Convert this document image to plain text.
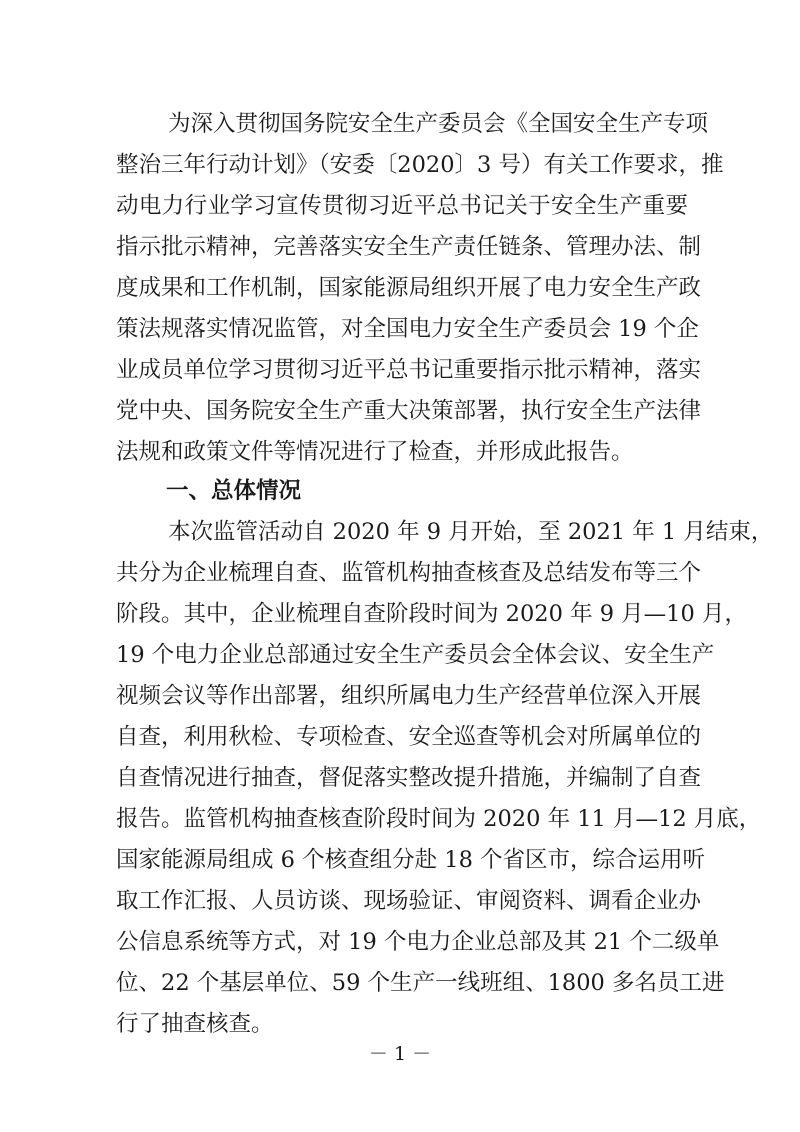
为深入贯彻国务院安全生产委员会《全国安全生产专项
整治三年行动计划》（安委〔2020〕3 号）有关工作要求，推
动电力行业学习宣传贯彻习近平总书记关于安全生产重要
指示批示精神，完善落实安全生产责任链条、管理办法、制
度成果和工作机制，国家能源局组织开展了电力安全生产政
策法规落实情况监管，对全国电力安全生产委员会 19 个企
业成员单位学习贯彻习近平总书记重要指示批示精神，落实
党中央、国务院安全生产重大决策部署，执行安全生产法律
法规和政策文件等情况进行了检查，并形成此报告。
一、总体情况
本次监管活动自 2020 年 9 月开始，至 2021 年 1 月结束，
共分为企业梳理自查、监管机构抽查核查及总结发布等三个
阶段。其中，企业梳理自查阶段时间为 2020 年 9 月—10 月，
19 个电力企业总部通过安全生产委员会全体会议、安全生产
视频会议等作出部署，组织所属电力生产经营单位深入开展
自查，利用秋检、专项检查、安全巡查等机会对所属单位的
自查情况进行抽查，督促落实整改提升措施，并编制了自查
报告。监管机构抽查核查阶段时间为 2020 年 11 月—12 月底，
国家能源局组成 6 个核查组分赴 18 个省区市，综合运用听
取工作汇报、人员访谈、现场验证、审阅资料、调看企业办
公信息系统等方式，对 19 个电力企业总部及其 21 个二级单
位、22 个基层单位、59 个生产一线班组、1800 多名员工进
行了抽查核查。
－ 1 －
